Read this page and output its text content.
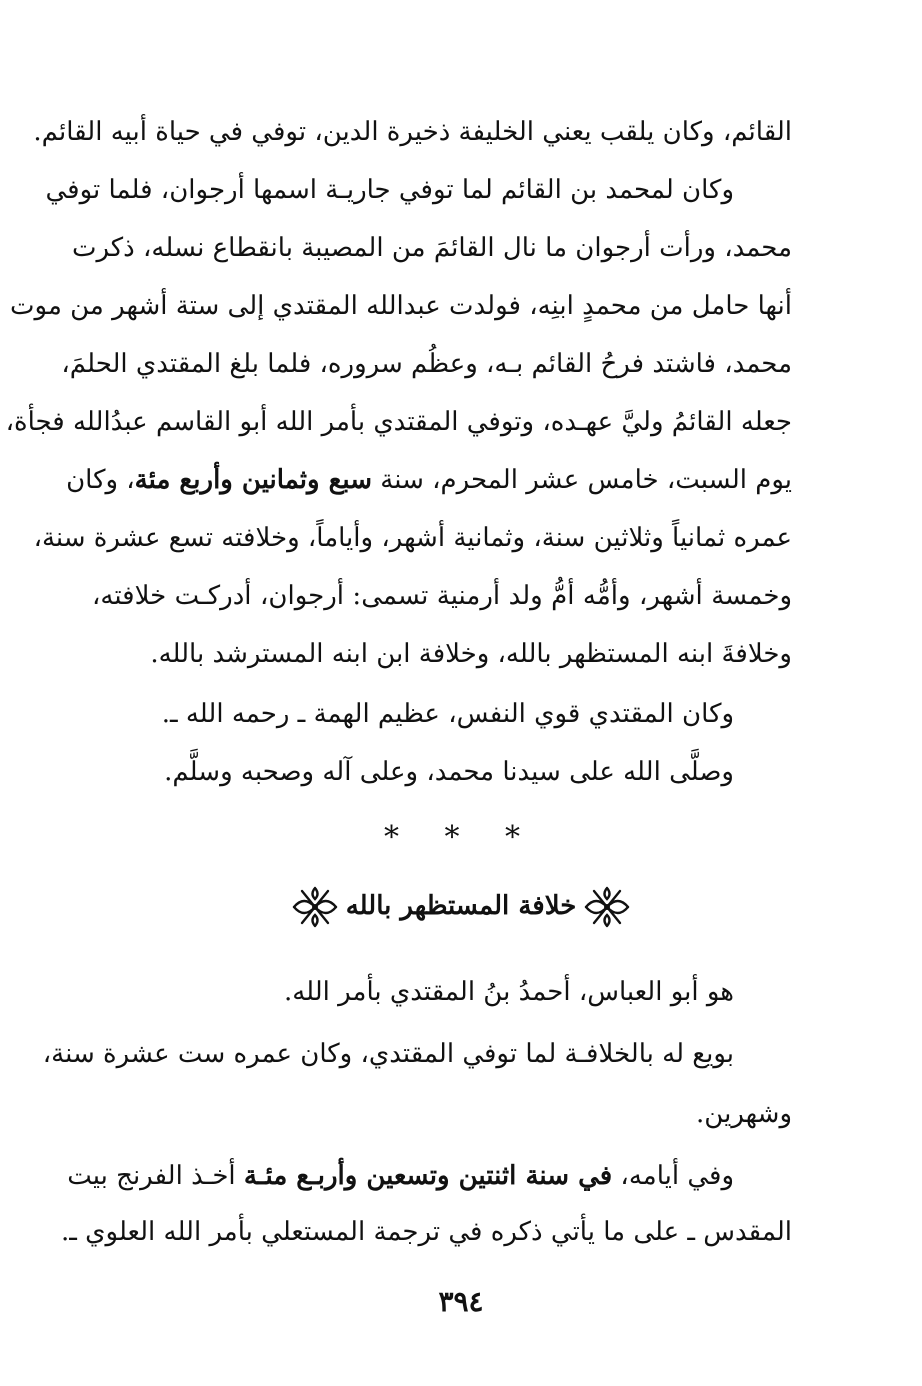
القائم، وكان يلقب يعني الخليفة ذخيرة الدين، توفي في حياة أبيه القائم.
وكان لمحمد بن القائم لما توفي جاريـة اسمها أرجوان، فلما توفي
محمد، ورأت أرجوان ما نال القائمَ من المصيبة بانقطاع نسله، ذكرت
أنها حامل من محمدٍ ابنِه، فولدت عبدالله المقتدي إلى ستة أشهر من موت
محمد، فاشتد فرحُ القائم بـه، وعظُم سروره، فلما بلغ المقتدي الحلمَ،
جعله القائمُ وليَّ عهـده، وتوفي المقتدي بأمر الله أبو القاسم عبدُالله فجأة،
يوم السبت، خامس عشر المحرم، سنة سبع وثمانين وأربع مئة، وكان
عمره ثمانياً وثلاثين سنة، وثمانية أشهر، وأياماً، وخلافته تسع عشرة سنة،
وخمسة أشهر، وأمُّه أمُّ ولد أرمنية تسمى: أرجوان، أدركـت خلافته،
وخلافةَ ابنه المستظهر بالله، وخلافة ابن ابنه المسترشد بالله.
وكان المقتدي قوي النفس، عظيم الهمة ـ رحمه الله ـ.
وصلَّى الله على سيدنا محمد، وعلى آله وصحبه وسلَّم.
* * *
خلافة المستظهر بالله
هو أبو العباس، أحمدُ بنُ المقتدي بأمر الله.
بويع له بالخلافـة لما توفي المقتدي، وكان عمره ست عشرة سنة،
وشهرين.
وفي أيامه، في سنة اثنتين وتسعين وأربـع مئـة أخـذ الفرنج بيت
المقدس ـ على ما يأتي ذكره في ترجمة المستعلي بأمر الله العلوي ـ.
٣٩٤
